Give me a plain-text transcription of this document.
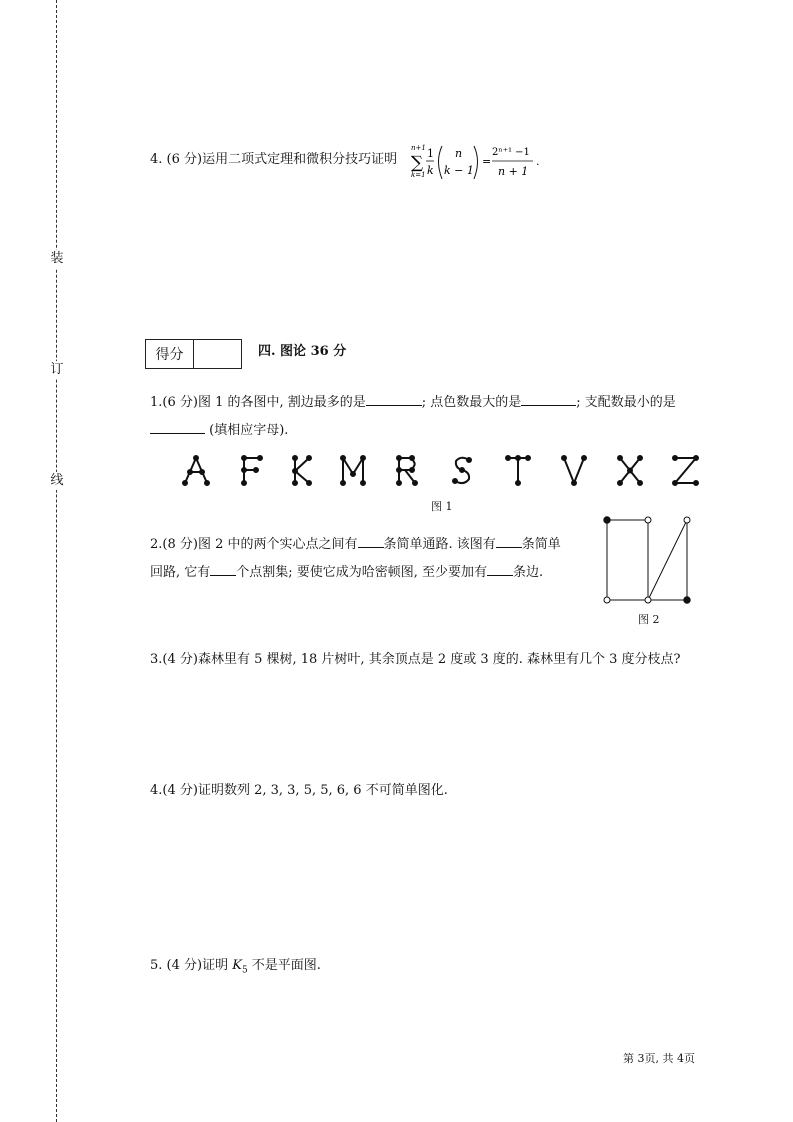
装
订
线
4. (6 分)运用二项式定理和微积分技巧证明
n+1
∑
k=1
1
k
n
k − 1
=
2ⁿ⁺¹ −1
n + 1
.
得分	四. 图论 36 分
1.(6 分)图 1 的各图中, 割边最多的是	; 点色数最大的是	; 支配数最小的是
(填相应字母).
图 1
2.(8 分)图 2 中的两个实心点之间有 条简单通路. 该图有 条简单
回路, 它有 个点割集; 要使它成为哈密顿图, 至少要加有 条边.
图 2
3.(4 分)森林里有 5 棵树, 18 片树叶, 其余顶点是 2 度或 3 度的. 森林里有几个 3 度分枝点?
4.(4 分)证明数列 2, 3, 3, 5, 5, 6, 6 不可简单图化.
5. (4 分)证明 $K_5$ 不是平面图.
第 3页, 共 4页
